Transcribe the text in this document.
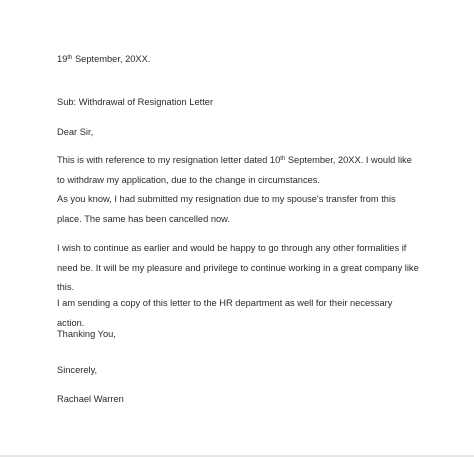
19th September, 20XX.
Sub: Withdrawal of Resignation Letter
Dear Sir,

This is with reference to my resignation letter dated 10th September, 20XX. I would like to withdraw my application, due to the change in circumstances.

As you know, I had submitted my resignation due to my spouse's transfer from this place. The same has been cancelled now.

I wish to continue as earlier and would be happy to go through any other formalities if need be. It will be my pleasure and privilege to continue working in a great company like this.
I am sending a copy of this letter to the HR department as well for their necessary action.
Thanking You,
Sincerely,
Rachael Warren
